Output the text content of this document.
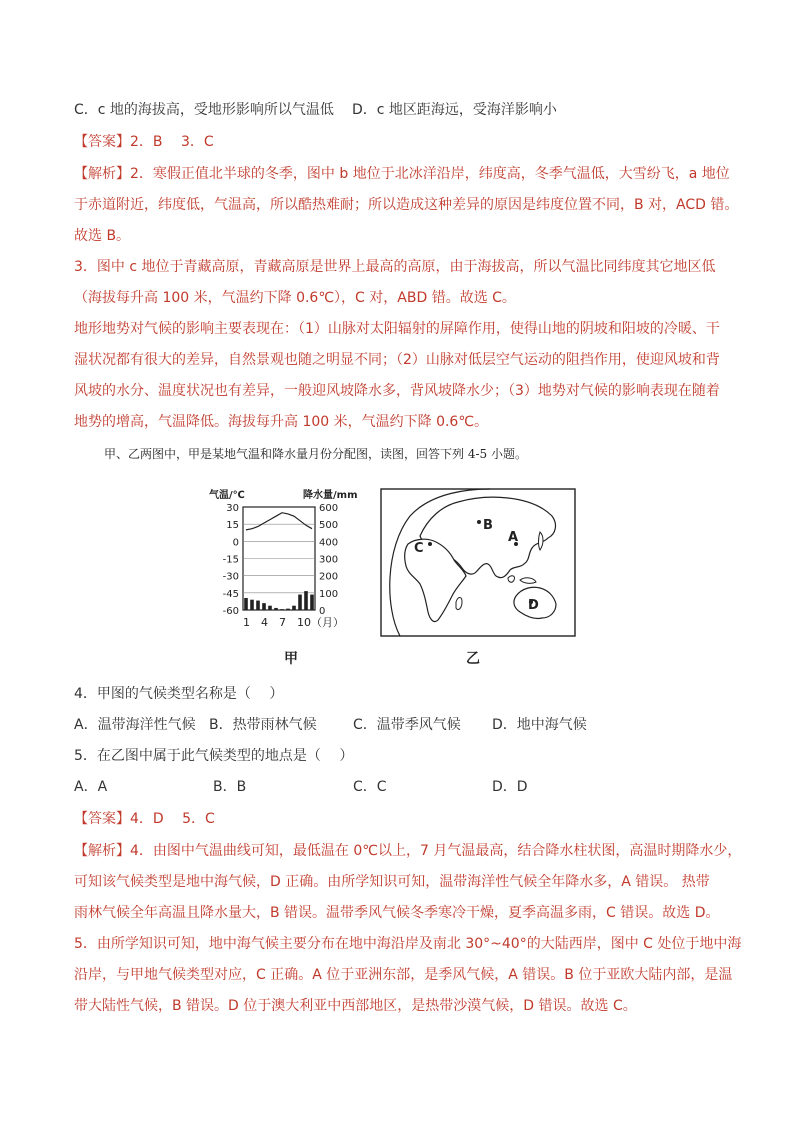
C．c 地的海拔高，受地形影响所以气温低 D．c 地区距海远，受海洋影响小
【答案】2．B　 3．C
【解析】2．寒假正值北半球的冬季，图中 b 地位于北冰洋沿岸，纬度高，冬季气温低，大雪纷飞，a 地位
于赤道附近，纬度低，气温高，所以酷热难耐；所以造成这种差异的原因是纬度位置不同，B 对，ACD 错。
故选 B。
3．图中 c 地位于青藏高原，青藏高原是世界上最高的高原，由于海拔高，所以气温比同纬度其它地区低
（海拔每升高 100 米，气温约下降 0.6℃），C 对，ABD 错。故选 C。
地形地势对气候的影响主要表现在：（1）山脉对太阳辐射的屏障作用，使得山地的阴坡和阳坡的冷暖、干
湿状况都有很大的差异，自然景观也随之明显不同；（2）山脉对低层空气运动的阻挡作用，使迎风坡和背
风坡的水分、温度状况也有差异，一般迎风坡降水多，背风坡降水少；（3）地势对气候的影响表现在随着
地势的增高，气温降低。海拔每升高 100 米，气温约下降 0.6℃。
甲、乙两图中，甲是某地气温和降水量月份分配图，读图，回答下列 4-5 小题。
气温/℃	降水量/mm
30
15
0
-15
-30
-45
-60
600
500
400
300
200
100
0
1 4 7 10（月）
甲
B
A
C
D
乙
4．甲图的气候类型名称是（　 ）
A．温带海洋性气候 B．热带雨林气候	C．温带季风气候 D．地中海气候
5．在乙图中属于此气候类型的地点是（　 ）
A．A	B．B	C．C	D．D
【答案】4．D　 5．C
【解析】4．由图中气温曲线可知，最低温在 0℃以上，7 月气温最高，结合降水柱状图，高温时期降水少，
可知该气候类型是地中海气候，D 正确。由所学知识可知，温带海洋性气候全年降水多，A 错误。 热带
雨林气候全年高温且降水量大，B 错误。温带季风气候冬季寒冷干燥，夏季高温多雨，C 错误。故选 D。
5．由所学知识可知，地中海气候主要分布在地中海沿岸及南北 30°~40°的大陆西岸，图中 C 处位于地中海
沿岸，与甲地气候类型对应，C 正确。A 位于亚洲东部，是季风气候，A 错误。B 位于亚欧大陆内部，是温
带大陆性气候，B 错误。D 位于澳大利亚中西部地区，是热带沙漠气候，D 错误。故选 C。
